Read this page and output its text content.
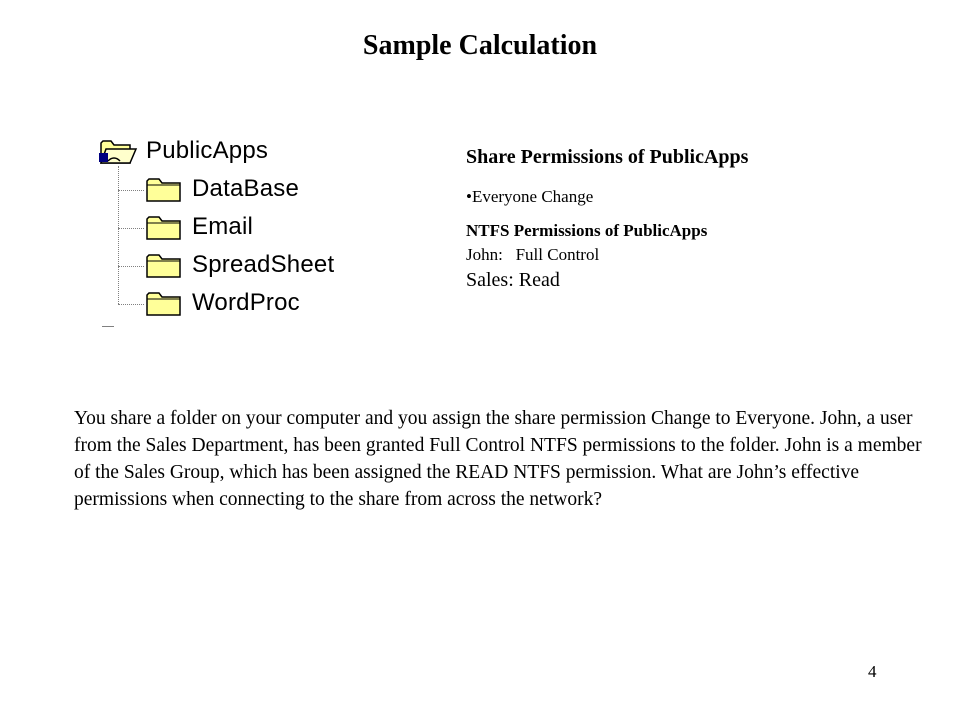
Sample Calculation
PublicApps
DataBase
Email
SpreadSheet
WordProc
Share Permissions of PublicApps
•Everyone Change
NTFS Permissions of PublicApps
John:   Full Control
Sales: Read
You share a folder on your computer and you assign the share permission Change to Everyone. John, a user from the Sales Department, has been granted Full Control NTFS permissions to the folder. John is a member of the Sales Group, which has been assigned the READ NTFS permission. What are John’s effective permissions when connecting to the share from across the network?
4
